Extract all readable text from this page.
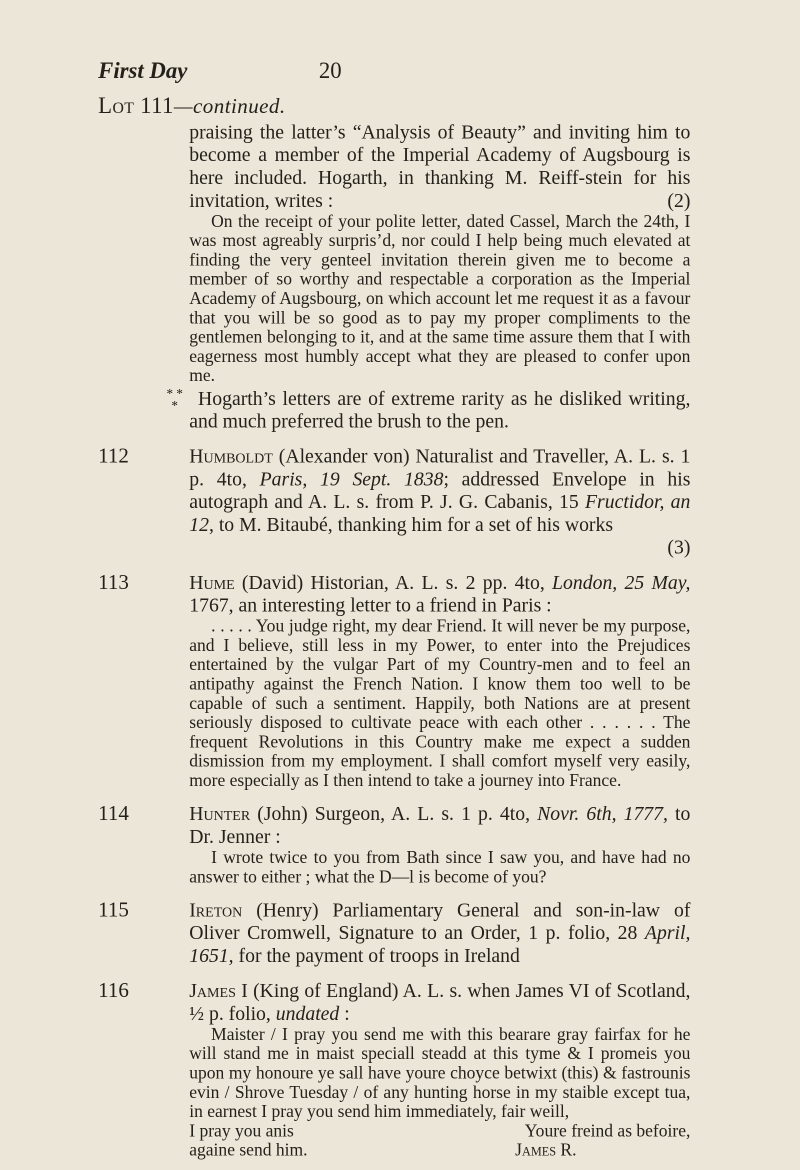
First Day	20
Lot 111—continued.

praising the latter’s “Analysis of Beauty” and inviting him to become a member of the Imperial Academy of Augsbourg is here included. Hogarth, in thanking M. Reiff-stein for his invitation, writes :	(2)

On the receipt of your polite letter, dated Cassel, March the 24th, I was most agreably surpris’d, nor could I help being much elevated at finding the very genteel invitation therein given me to become a member of so worthy and respectable a corporation as the Imperial Academy of Augsbourg, on which account let me request it as a favour that you will be so good as to pay my proper compliments to the gentlemen belonging to it, and at the same time assure them that I with eagerness most humbly accept what they are pleased to confer upon me.

Hogarth’s letters are of extreme rarity as he disliked writing, and much preferred the brush to the pen.

* *
*
112	Humboldt (Alexander von) Naturalist and Traveller, A. L. s. 1 p. 4to, Paris, 19 Sept. 1838; addressed Envelope in his autograph and A. L. s. from P. J. G. Cabanis, 15 Fructidor, an 12, to M. Bitaubé, thanking him for a set of his works

(3)

113	Hume (David) Historian, A. L. s. 2 pp. 4to, London, 25 May, 1767, an interesting letter to a friend in Paris :

. . . . . You judge right, my dear Friend. It will never be my purpose, and I believe, still less in my Power, to enter into the Prejudices entertained by the vulgar Part of my Country-men and to feel an antipathy against the French Nation. I know them too well to be capable of such a sentiment. Happily, both Nations are at present seriously disposed to cultivate peace with each other . . . . . . The frequent Revolutions in this Country make me expect a sudden dismission from my employment. I shall comfort myself very easily, more especially as I then intend to take a journey into France.

114	Hunter (John) Surgeon, A. L. s. 1 p. 4to, Novr. 6th, 1777, to Dr. Jenner :

I wrote twice to you from Bath since I saw you, and have had no answer to either ; what the D—l is become of you?

115	Ireton (Henry) Parliamentary General and son-in-law of Oliver Cromwell, Signature to an Order, 1 p. folio, 28 April, 1651, for the payment of troops in Ireland

116	James I (King of England) A. L. s. when James VI of Scotland, ½ p. folio, undated :

Maister / I pray you send me with this bearare gray fairfax for he will stand me in maist speciall steadd at this tyme & I promeis you upon my honoure ye sall have youre choyce betwixt (this) & fastrounis evin / Shrove Tuesday / of any hunting horse in my staible except tua, in earnest I pray you send him immediately, fair weill,

I pray you anis	Youre freind as befoire,
againe send him.	James R.
